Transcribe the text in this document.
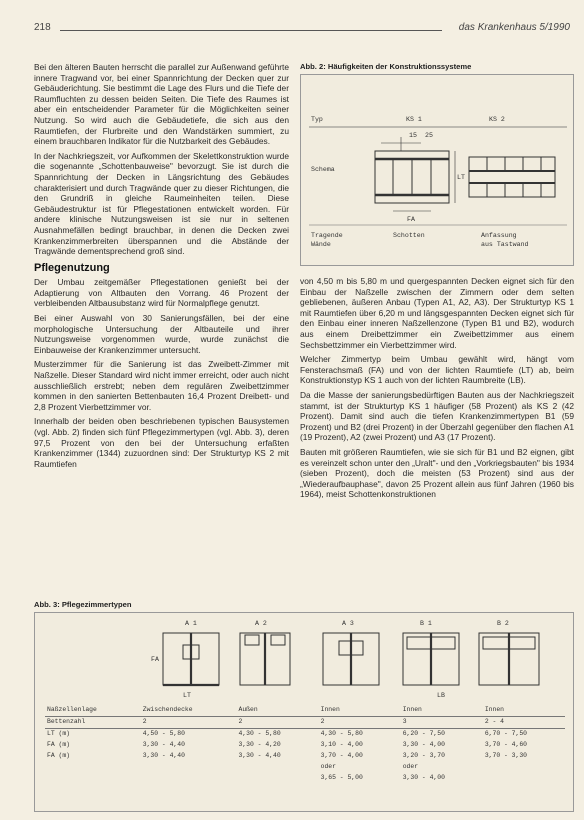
218	das Krankenhaus 5/1990

Bei den älteren Bauten herrscht die parallel zur Außenwand geführte innere Tragwand vor, bei einer Spannrichtung der Decken quer zur Gebäuderichtung. Sie bestimmt die Lage des Flurs und die Tiefe der Raumfluchten zu dessen beiden Seiten. Die Tiefe des Raumes ist aber ein entscheidender Parameter für die Möglichkeiten seiner Nutzung. So wird auch die Gebäudetiefe, die sich aus den Raumtiefen, der Flurbreite und den Wandstärken summiert, zu einem brauchbaren Indikator für die Nutzbarkeit des Gebäudes.

In der Nachkriegszeit, vor Aufkommen der Skelettkonstruktion wurde die sogenannte „Schottenbauweise" bevorzugt. Sie ist durch die Spannrichtung der Decken in Längsrichtung des Gebäudes charakterisiert und durch Tragwände quer zu dieser Richtungen, die den Grundriß in gleiche Raumeinheiten teilen. Diese Gebäudestruktur ist für Pflegestationen entwickelt worden. Für andere klinische Nutzungsweisen ist sie nur in seltenen Ausnahmefällen bedingt brauchbar, in denen die Decken zwei Krankenzimmerbreiten überspannen und die Abstände der Tragwände dementsprechend groß sind.

Pflegenutzung

Der Umbau zeitgemäßer Pflegestationen genießt bei der Adaptierung von Altbauten den Vorrang. 46 Prozent der verbleibenden Altbausubstanz wird für Normalpflege genutzt.

Bei einer Auswahl von 30 Sanierungsfällen, bei der eine morphologische Untersuchung der Altbauteile und ihrer Nutzungsweise vorgenommen wurde, wurde zunächst die Einbauweise der Krankenzimmer untersucht.

Musterzimmer für die Sanierung ist das Zweibett-Zimmer mit Naßzelle. Dieser Standard wird nicht immer erreicht, oder auch nicht ausschließlich erstrebt; neben dem regulären Zweibettzimmer kommen in den sanierten Bettenbauten 16,4 Prozent Dreibett- und 2,8 Prozent Vierbettzimmer vor.

Innerhalb der beiden oben beschriebenen typischen Bausystemen (vgl. Abb. 2) finden sich fünf Pflegezimmertypen (vgl. Abb. 3), deren 97,5 Prozent von den bei der Untersuchung erfaßten Krankenzimmer (1344) zuzuordnen sind: Der Strukturtyp KS 2 mit Raumtiefen

Abb. 2: Häufigkeiten der Konstruktionssysteme
Typ	KS 1	KS 2
15 25
Schema
LT
FA
Tragende
Wände
Schotten	Anfassung
aus Tastwand

von 4,50 m bis 5,80 m und quergespannten Decken eignet sich für den Einbau der Naßzelle zwischen der Zimmern oder dem selten gebliebenen, äußeren Anbau (Typen A1, A2, A3). Der Strukturtyp KS 1 mit Raumtiefen über 6,20 m und längsgespannten Decken eignet sich für den Einbau einer inneren Naßzellenzone (Typen B1 und B2), wodurch aus einem Dreibettzimmer ein Zweibettzimmer aus einem Sechsbettzimmer ein Vierbettzimmer wird.

Welcher Zimmertyp beim Umbau gewählt wird, hängt vom Fensterachsmaß (FA) und von der lichten Raumtiefe (LT) ab, beim Konstruktionstyp KS 1 auch von der lichten Raumbreite (LB).

Da die Masse der sanierungsbedürftigen Bauten aus der Nachkriegszeit stammt, ist der Strukturtyp KS 1 häufiger (58 Prozent) als KS 2 (42 Prozent). Damit sind auch die tiefen Krankenzimmertypen B1 (59 Prozent) und B2 (drei Prozent) in der Überzahl gegenüber den flachen A1 (19 Prozent), A2 (zwei Prozent) und A3 (17 Prozent).

Bauten mit größeren Raumtiefen, wie sie sich für B1 und B2 eignen, gibt es vereinzelt schon unter den „Uralt"- und den „Vorkriegsbauten" bis 1934 (sieben Prozent), doch die meisten (53 Prozent) sind aus der „Wiederaufbauphase", davon 25 Prozent allein aus fünf Jahren (1960 bis 1964), meist Schottenkonstruktionen

Abb. 3: Pflegezimmertypen
A 1	A 2	A 3	B 1	B 2
FA
LT	LB
Naßzellenlage	Zwischendecke	Außen	Innen	Innen	Innen
Bettenzahl	2	2	2	3	2 - 4
LT (m)	4,50 - 5,80	4,30 - 5,80	4,30 - 5,80	6,20 - 7,50	6,70 - 7,50
FA (m)	3,30 - 4,40	3,30 - 4,20	3,10 - 4,00	3,30 - 4,00	3,70 - 4,60
FA (m)	3,30 - 4,40	3,30 - 4,40	3,70 - 4,00	3,20 - 3,70	3,70 - 3,30
			oder	oder	
			3,65 - 5,00	3,30 - 4,00	
